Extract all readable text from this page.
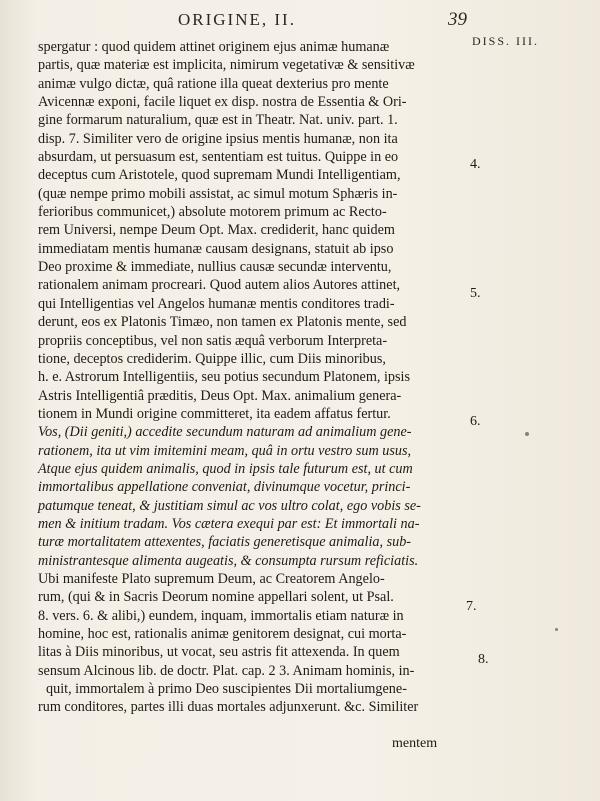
ORIGINE, II.	39
DISS. III.
spergatur : quod quidem attinet originem ejus animæ humanæ
partis, quæ materiæ est implicita, nimirum vegetativæ & sensitivæ
animæ vulgo dictæ, quâ ratione illa queat dexterius pro mente
Avicennæ exponi, facile liquet ex disp. nostra de Essentia & Ori-
gine formarum naturalium, quæ est in Theatr. Nat. univ. part. 1.
disp. 7. Similiter vero de origine ipsius mentis humanæ, non ita
absurdam, ut persuasum est, sententiam est tuitus. Quippe in eo
deceptus cum Aristotele, quod supremam Mundi Intelligentiam,
(quæ nempe primo mobili assistat, ac simul motum Sphæris in-
ferioribus communicet,) absolute motorem primum ac Recto-
rem Universi, nempe Deum Opt. Max. crediderit, hanc quidem
immediatam mentis humanæ causam designans, statuit ab ipso
Deo proxime & immediate, nullius causæ secundæ interventu,
rationalem animam procreari. Quod autem alios Autores attinet,
qui Intelligentias vel Angelos humanæ mentis conditores tradi-
derunt, eos ex Platonis Timæo, non tamen ex Platonis mente, sed
propriis conceptibus, vel non satis æquâ verborum Interpreta-
tione, deceptos crediderim. Quippe illic, cum Diis minoribus,
h. e. Astrorum Intelligentiis, seu potius secundum Platonem, ipsis
Astris Intelligentiâ præditis, Deus Opt. Max. animalium genera-
tionem in Mundi origine committeret, ita eadem affatus fertur.
Vos, (Dii geniti,) accedite secundum naturam ad animalium gene-
rationem, ita ut vim imitemini meam, quâ in ortu vestro sum usus,
Atque ejus quidem animalis, quod in ipsis tale futurum est, ut cum
immortalibus appellatione conveniat, divinumque vocetur, princi-
patumque teneat, & justitiam simul ac vos ultro colat, ego vobis se-
men & initium tradam. Vos cætera exequi par est: Et immortali na-
turæ mortalitatem attexentes, faciatis generetisque animalia, sub-
ministrantesque alimenta augeatis, & consumpta rursum reficiatis.
Ubi manifeste Plato supremum Deum, ac Creatorem Angelo-
rum, (qui & in Sacris Deorum nomine appellari solent, ut Psal.
8. vers. 6. & alibi,) eundem, inquam, immortalis etiam naturæ in
homine, hoc est, rationalis animæ genitorem designat, cui morta-
litas à Diis minoribus, ut vocat, seu astris fit attexenda. In quem
sensum Alcinous lib. de doctr. Plat. cap. 2 3. Animam hominis, in-
quit, immortalem à primo Deo suscipientes Dii mortaliumgene-
rum conditores, partes illi duas mortales adjunxerunt. &c. Similiter
4.
5.
6.
7.
8.
mentem
